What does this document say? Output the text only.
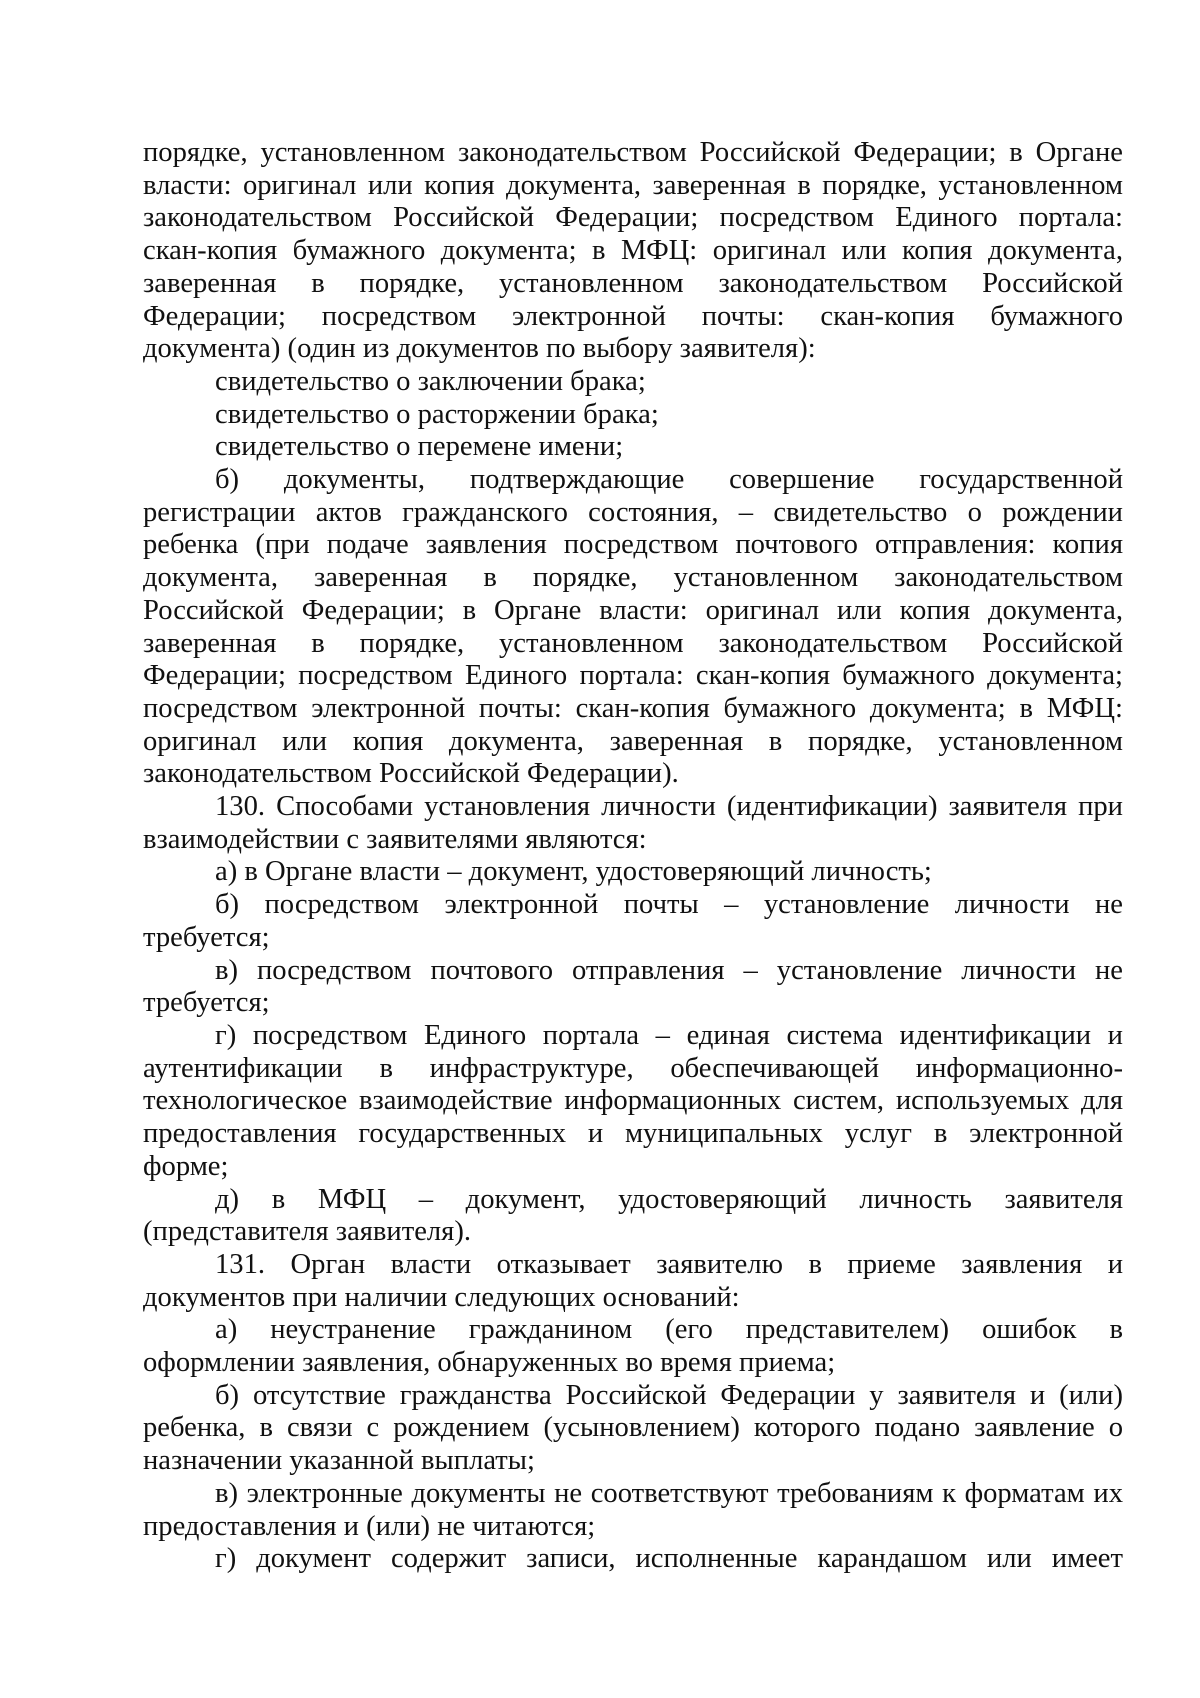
порядке, установленном законодательством Российской Федерации; в Органе власти: оригинал или копия документа, заверенная в порядке, установленном законодательством Российской Федерации; посредством Единого портала: скан-копия бумажного документа; в МФЦ: оригинал или копия документа, заверенная в порядке, установленном законодательством Российской Федерации; посредством электронной почты: скан-копия бумажного документа) (один из документов по выбору заявителя):

свидетельство о заключении брака;

свидетельство о расторжении брака;

свидетельство о перемене имени;

б) документы, подтверждающие совершение государственной регистрации актов гражданского состояния, – свидетельство о рождении ребенка (при подаче заявления посредством почтового отправления: копия документа, заверенная в порядке, установленном законодательством Российской Федерации; в Органе власти: оригинал или копия документа, заверенная в порядке, установленном законодательством Российской Федерации; посредством Единого портала: скан-копия бумажного документа; посредством электронной почты: скан-копия бумажного документа; в МФЦ: оригинал или копия документа, заверенная в порядке, установленном законодательством Российской Федерации).

130. Способами установления личности (идентификации) заявителя при взаимодействии с заявителями являются:

а) в Органе власти – документ, удостоверяющий личность;

б) посредством электронной почты – установление личности не требуется;

в) посредством почтового отправления – установление личности не требуется;

г) посредством Единого портала – единая система идентификации и аутентификации в инфраструктуре, обеспечивающей информационно-технологическое взаимодействие информационных систем, используемых для предоставления государственных и муниципальных услуг в электронной форме;

д) в МФЦ – документ, удостоверяющий личность заявителя (представителя заявителя).

131. Орган власти отказывает заявителю в приеме заявления и документов при наличии следующих оснований:

а) неустранение гражданином (его представителем) ошибок в оформлении заявления, обнаруженных во время приема;

б) отсутствие гражданства Российской Федерации у заявителя и (или) ребенка, в связи с рождением (усыновлением) которого подано заявление о назначении указанной выплаты;

в) электронные документы не соответствуют требованиям к форматам их предоставления и (или) не читаются;

г) документ содержит записи, исполненные карандашом или имеет
